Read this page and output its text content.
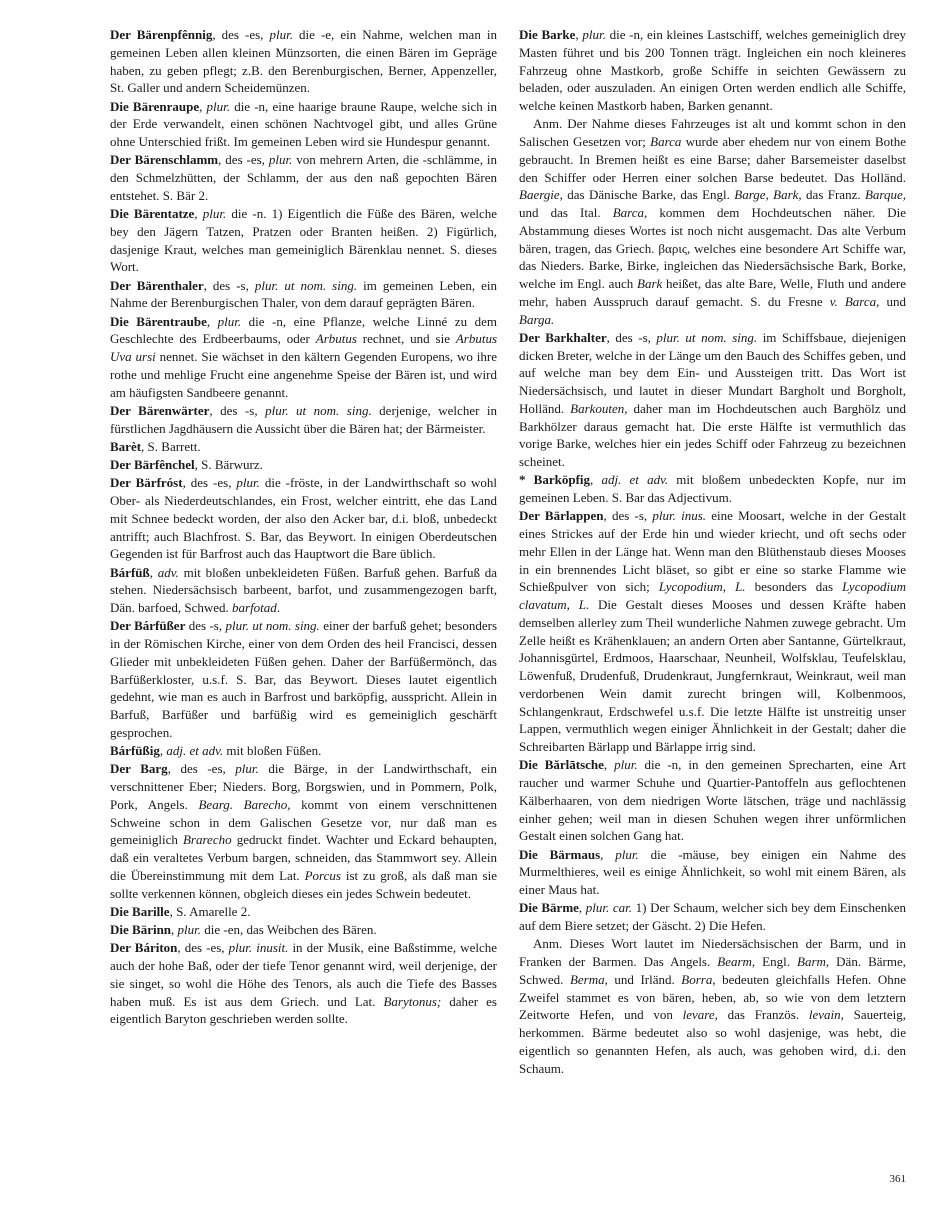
Der Bärenpfênnig, des -es, plur. die -e, ein Nahme, welchen man in gemeinen Leben allen kleinen Münzsorten, die einen Bären im Gepräge haben, zu geben pflegt; z.B. den Berenburgischen, Berner, Appenzeller, St. Galler und andern Scheidemünzen.
Die Bärenraupe, plur. die -n, eine haarige braune Raupe, welche sich in der Erde verwandelt, einen schönen Nachtvogel gibt, und alles Grüne ohne Unterschied frißt. Im gemeinen Leben wird sie Hundespur genannt.
Der Bärenschlamm, des -es, plur. von mehrern Arten, die -schlämme, in den Schmelzhütten, der Schlamm, der aus den naß gepochten Bären entstehet. S. Bär 2.
Die Bärentatze, plur. die -n. 1) Eigentlich die Füße des Bären, welche bey den Jägern Tatzen, Pratzen oder Branten heißen. 2) Figürlich, dasjenige Kraut, welches man gemeiniglich Bärenklau nennet. S. dieses Wort.
Der Bärenthaler, des -s, plur. ut nom. sing. im gemeinen Leben, ein Nahme der Berenburgischen Thaler, von dem darauf geprägten Bären.
Die Bärentraube, plur. die -n, eine Pflanze, welche Linné zu dem Geschlechte des Erdbeerbaums, oder Arbutus rechnet, und sie Arbutus Uva ursi nennet. Sie wächset in den kältern Gegenden Europens, wo ihre rothe und mehlige Frucht eine angenehme Speise der Bären ist, und wird am häufigsten Sandbeere genannt.
Der Bärenwärter, des -s, plur. ut nom. sing. derjenige, welcher in fürstlichen Jagdhäusern die Aussicht über die Bären hat; der Bärmeister.
Barèt, S. Barrett.
Der Bärfênchel, S. Bärwurz.
Der Bärfróst, des -es, plur. die -fröste, in der Landwirthschaft so wohl Ober- als Niederdeutschlandes, ein Frost, welcher eintritt, ehe das Land mit Schnee bedeckt worden, der also den Acker bar, d.i. bloß, unbedeckt antrifft; auch Blachfrost. S. Bar, das Beywort. In einigen Oberdeutschen Gegenden ist für Barfrost auch das Hauptwort die Bare üblich.
Bárfüß, adv. mit bloßen unbekleideten Füßen. Barfuß gehen. Barfuß da stehen. Niedersächsisch barbeent, barfot, und zusammengezogen barft, Dän. barfoed, Schwed. barfotad.
Der Bárfüßer des -s, plur. ut nom. sing. einer der barfuß gehet; besonders in der Römischen Kirche, einer von dem Orden des heil Francisci, dessen Glieder mit unbekleideten Füßen gehen. Daher der Barfüßermönch, das Barfüßerkloster, u.s.f. S. Bar, das Beywort. Dieses lautet eigentlich gedehnt, wie man es auch in Barfrost und barköpfig, ausspricht. Allein in Barfuß, Barfüßer und barfüßig wird es gemeiniglich geschärft gesprochen.
Bárfüßig, adj. et adv. mit bloßen Füßen.
Der Barg, des -es, plur. die Bärge, in der Landwirthschaft, ein verschnittener Eber; Nieders. Borg, Borgswien, und in Pommern, Polk, Pork, Angels. Bearg. Barecho, kommt von einem verschnittenen Schweine schon in dem Galischen Gesetze vor, nur daß man es gemeiniglich Brarecho gedruckt findet. Wachter und Eckard behaupten, daß ein veraltetes Verbum bargen, schneiden, das Stammwort sey. Allein die Übereinstimmung mit dem Lat. Porcus ist zu groß, als daß man sie sollte verkennen können, obgleich dieses ein jedes Schwein bedeutet.
Die Barille, S. Amarelle 2.
Die Bärinn, plur. die -en, das Weibchen des Bären.
Der Báriton, des -es, plur. inusit. in der Musik, eine Baßstimme, welche auch der hohe Baß, oder der tiefe Tenor genannt wird, weil derjenige, der sie singet, so wohl die Höhe des Tenors, als auch die Tiefe des Basses haben muß. Es ist aus dem Griech. und Lat. Barytonus; daher es eigentlich Baryton geschrieben werden sollte.
Die Barke, plur. die -n, ein kleines Lastschiff, welches gemeiniglich drey Masten führet und bis 200 Tonnen trägt. Ingleichen ein noch kleineres Fahrzeug ohne Mastkorb, große Schiffe in seichten Gewässern zu beladen, oder auszuladen. An einigen Orten werden endlich alle Schiffe, welche keinen Mastkorb haben, Barken genannt.
Anm. Der Nahme dieses Fahrzeuges ist alt und kommt schon in den Salischen Gesetzen vor; Barca wurde aber ehedem nur von einem Bothe gebraucht. In Bremen heißt es eine Barse; daher Barsemeister daselbst den Schiffer oder Herren einer solchen Barse bedeutet. Das Holländ. Baergie, das Dänische Barke, das Engl. Barge, Bark, das Franz. Barque, und das Ital. Barca, kommen dem Hochdeutschen näher. Die Abstammung dieses Wortes ist noch nicht ausgemacht. Das alte Verbum bären, tragen, das Griech. βαρις, welches eine besondere Art Schiffe war, das Nieders. Barke, Birke, ingleichen das Niedersächsische Bark, Borke, welche im Engl. auch Bark heißet, das alte Bare, Welle, Fluth und andere mehr, haben Ausspruch darauf gemacht. S. du Fresne v. Barca, und Barga.
Der Barkhalter, des -s, plur. ut nom. sing. im Schiffsbaue, diejenigen dicken Breter, welche in der Länge um den Bauch des Schiffes geben, und auf welche man bey dem Ein- und Aussteigen tritt. Das Wort ist Niedersächsisch, und lautet in dieser Mundart Bargholt und Borgholt, Holländ. Barkouten, daher man im Hochdeutschen auch Barghölz und Barkhölzer daraus gemacht hat. Die erste Hälfte ist vermuthlich das vorige Barke, welches hier ein jedes Schiff oder Fahrzeug zu bezeichnen scheinet.
* Barköpfig, adj. et adv. mit bloßem unbedeckten Kopfe, nur im gemeinen Leben. S. Bar das Adjectivum.
Der Bärlappen, des -s, plur. inus. eine Moosart, welche in der Gestalt eines Strickes auf der Erde hin und wieder kriecht, und oft sechs oder mehr Ellen in der Länge hat. Wenn man den Blüthenstaub dieses Mooses in ein brennendes Licht bläset, so gibt er eine so starke Flamme wie Schießpulver von sich; Lycopodium, L. besonders das Lycopodium clavatum, L. Die Gestalt dieses Mooses und dessen Kräfte haben demselben allerley zum Theil wunderliche Nahmen zuwege gebracht. Um Zelle heißt es Krähenklauen; an andern Orten aber Santanne, Gürtelkraut, Johannisgürtel, Erdmoos, Haarschaar, Neunheil, Wolfsklau, Teufelsklau, Löwenfuß, Drudenfuß, Drudenkraut, Jungfernkraut, Weinkraut, weil man verdorbenen Wein damit zurecht bringen will, Kolbenmoos, Schlangenkraut, Erdschwefel u.s.f. Die letzte Hälfte ist unstreitig unser Lappen, vermuthlich wegen einiger Ähnlichkeit in der Gestalt; daher die Schreibarten Bärlapp und Bärlappe irrig sind.
Die Bărlātsche, plur. die -n, in den gemeinen Sprecharten, eine Art raucher und warmer Schuhe und Quartier-Pantoffeln aus geflochtenen Kälberhaaren, von dem niedrigen Worte lätschen, träge und nachlässig einher gehen; weil man in diesen Schuhen wegen ihrer unförmlichen Gestalt einen solchen Gang hat.
Die Bärmaus, plur. die -mäuse, bey einigen ein Nahme des Murmelthieres, weil es einige Ähnlichkeit, so wohl mit einem Bären, als einer Maus hat.
Die Bärme, plur. car. 1) Der Schaum, welcher sich bey dem Einschenken auf dem Biere setzet; der Gäscht. 2) Die Hefen.
Anm. Dieses Wort lautet im Niedersächsischen der Barm, und in Franken der Barmen. Das Angels. Bearm, Engl. Barm, Dän. Bärme, Schwed. Berma, und Irländ. Borra, bedeuten gleichfalls Hefen. Ohne Zweifel stammet es von bären, heben, ab, so wie von dem letztern Zeitworte Hefen, und von levare, das Französ. levain, Sauerteig, herkommen. Bärme bedeutet also so wohl dasjenige, was hebt, die eigentlich so genannten Hefen, als auch, was gehoben wird, d.i. den Schaum.
361
